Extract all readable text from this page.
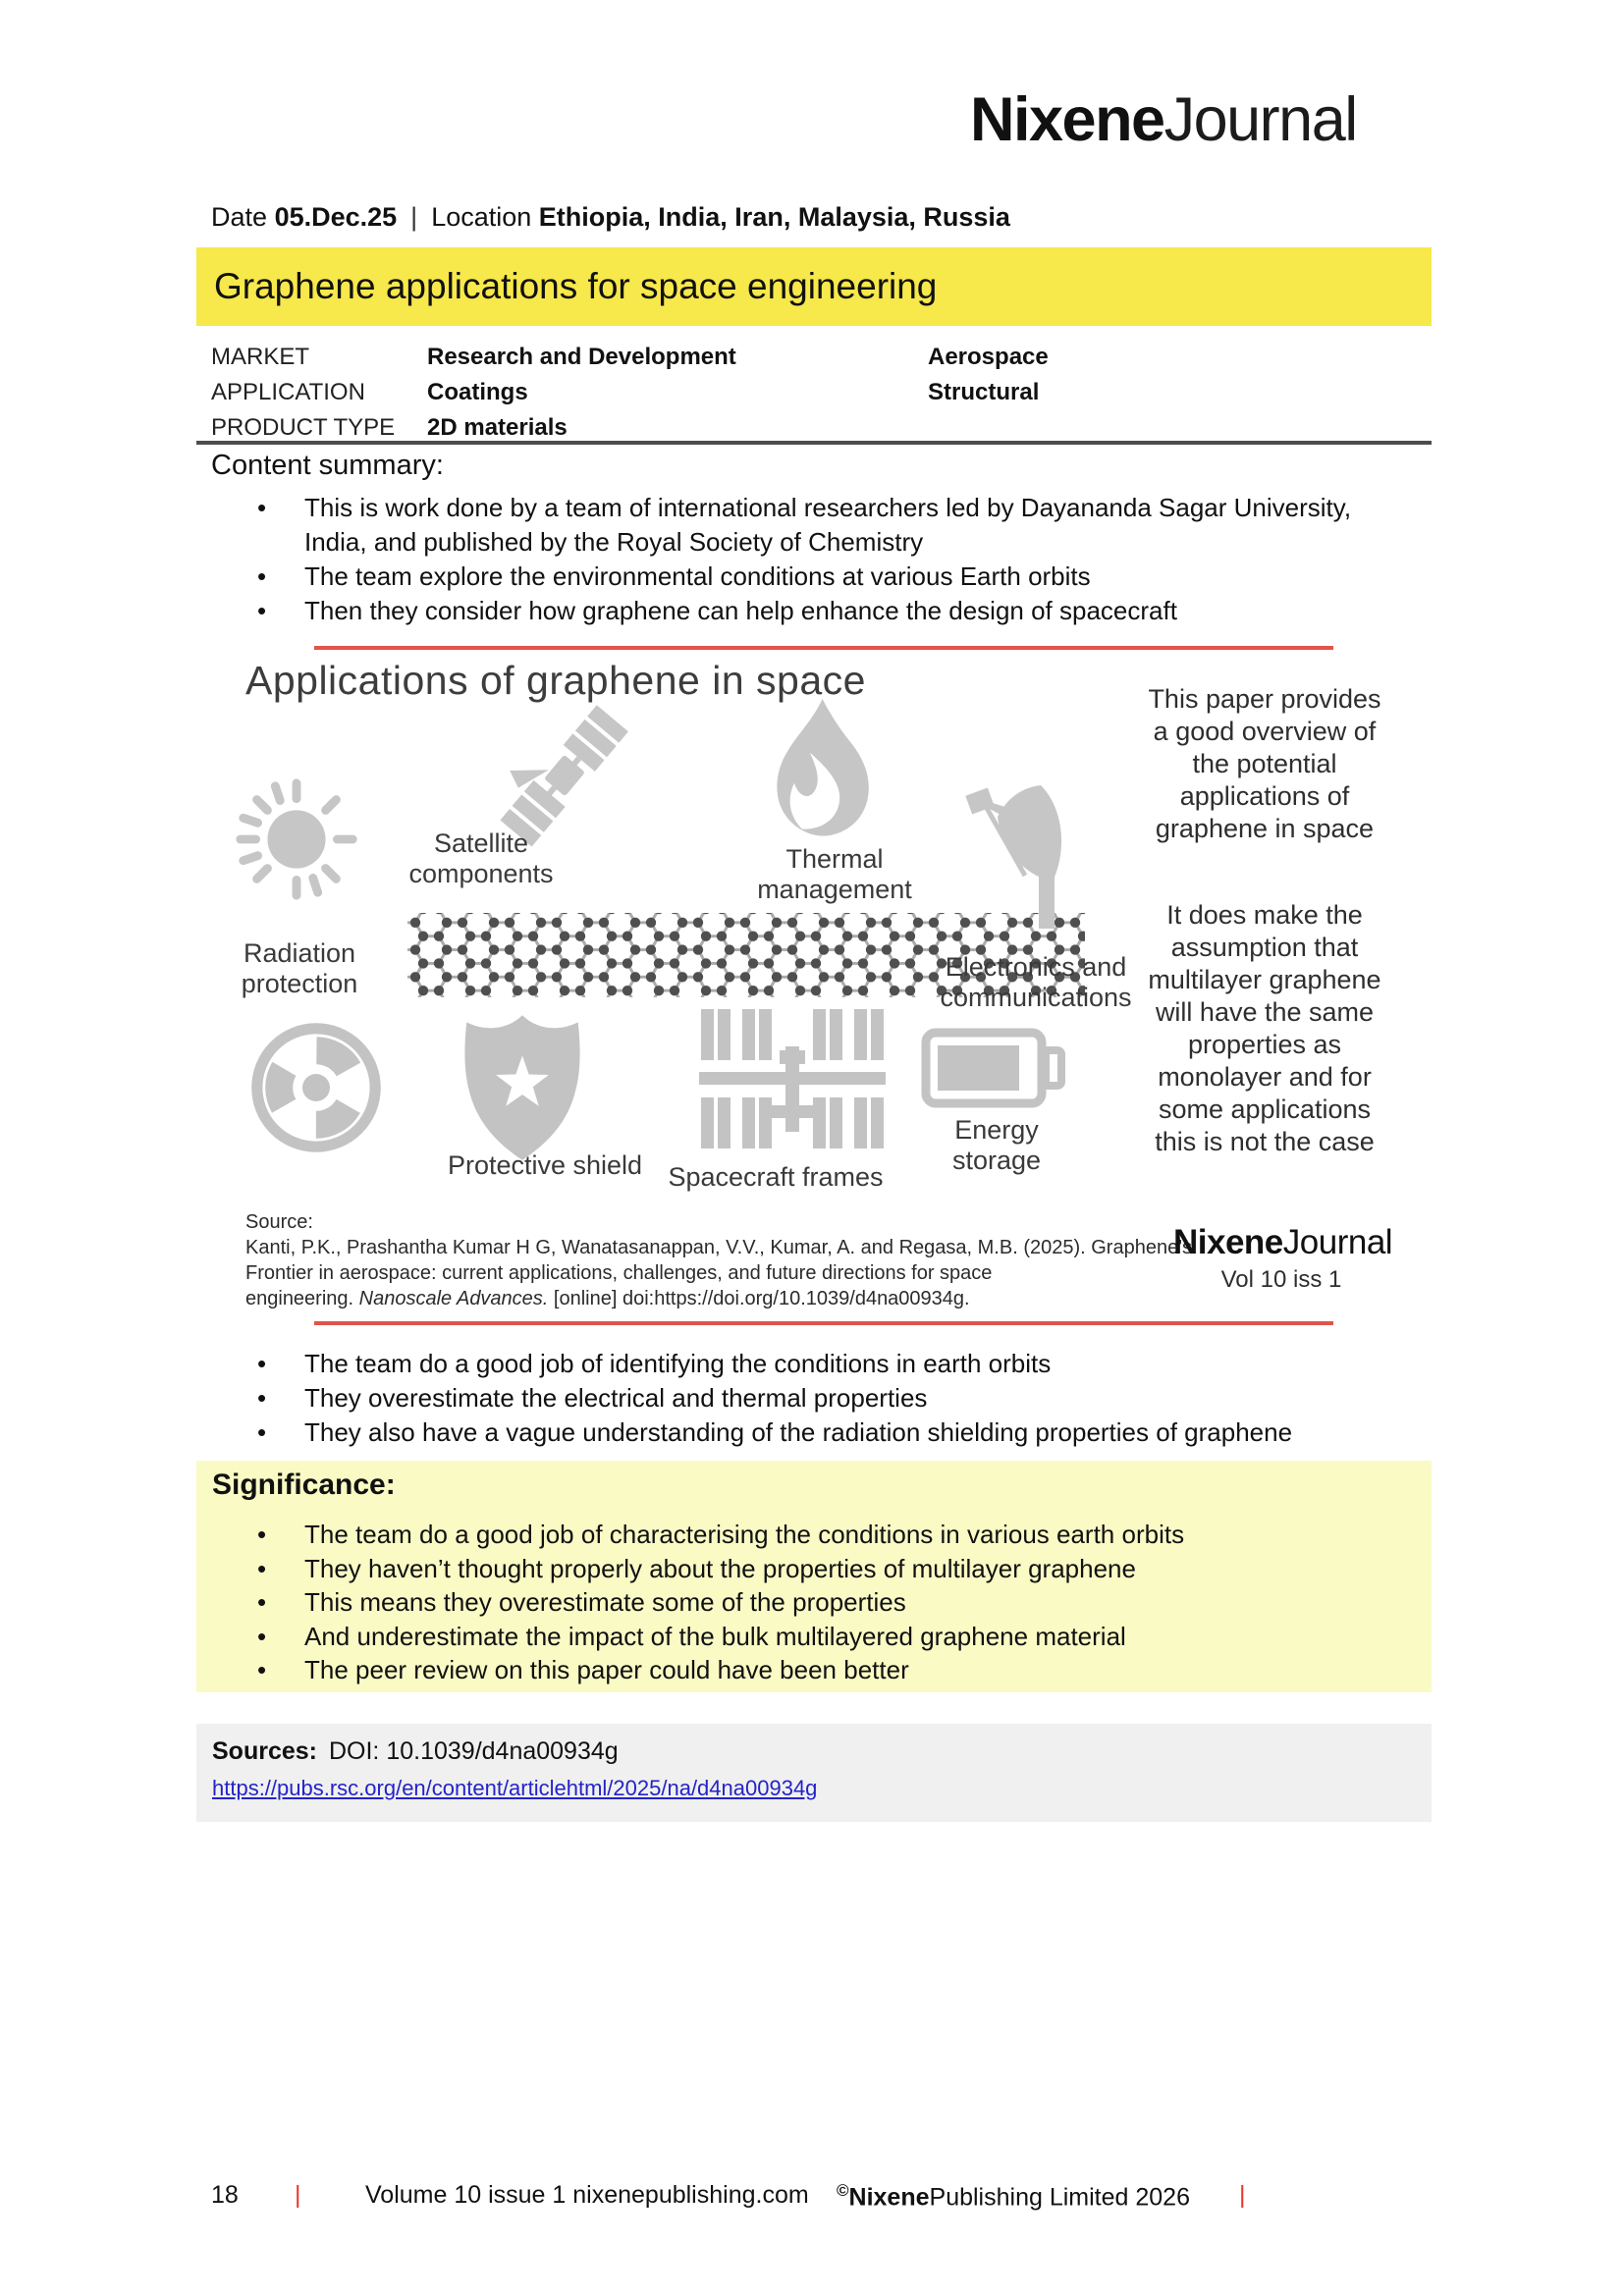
NixeneJournal
Date 05.Dec.25 | Location Ethiopia, India, Iran, Malaysia, Russia
Graphene applications for space engineering
MARKET	Research and Development	Aerospace
APPLICATION	Coatings	Structural
PRODUCT TYPE	2D materials
Content summary:
• This is work done by a team of international researchers led by Dayananda Sagar University, India, and published by the Royal Society of Chemistry
• The team explore the environmental conditions at various Earth orbits
• Then they consider how graphene can help enhance the design of spacecraft
Applications of graphene in space
Radiation protection
Satellite components	Thermal management
Electronics and communications
Protective shield Spacecraft frames
Energy storage
This paper provides a good overview of the potential applications of graphene in space
It does make the assumption that multilayer graphene will have the same properties as monolayer and for some applications this is not the case
Source:
Kanti, P.K., Prashantha Kumar H G, Wanatasanappan, V.V., Kumar, A. and Regasa, M.B. (2025). Graphene's
Frontier in aerospace: current applications, challenges, and future directions for space
engineering. Nanoscale Advances. [online] doi:https://doi.org/10.1039/d4na00934g.
NixeneJournal
Vol 10 iss 1
• The team do a good job of identifying the conditions in earth orbits
• They overestimate the electrical and thermal properties
• They also have a vague understanding of the radiation shielding properties of graphene
Significance:
• The team do a good job of characterising the conditions in various earth orbits
• They haven’t thought properly about the properties of multilayer graphene
• This means they overestimate some of the properties
• And underestimate the impact of the bulk multilayered graphene material
• The peer review on this paper could have been better
Sources: DOI: 10.1039/d4na00934g
https://pubs.rsc.org/en/content/articlehtml/2025/na/d4na00934g
18 |	Volume 10 issue 1 nixenepublishing.com ©NixenePublishing Limited 2026 |
